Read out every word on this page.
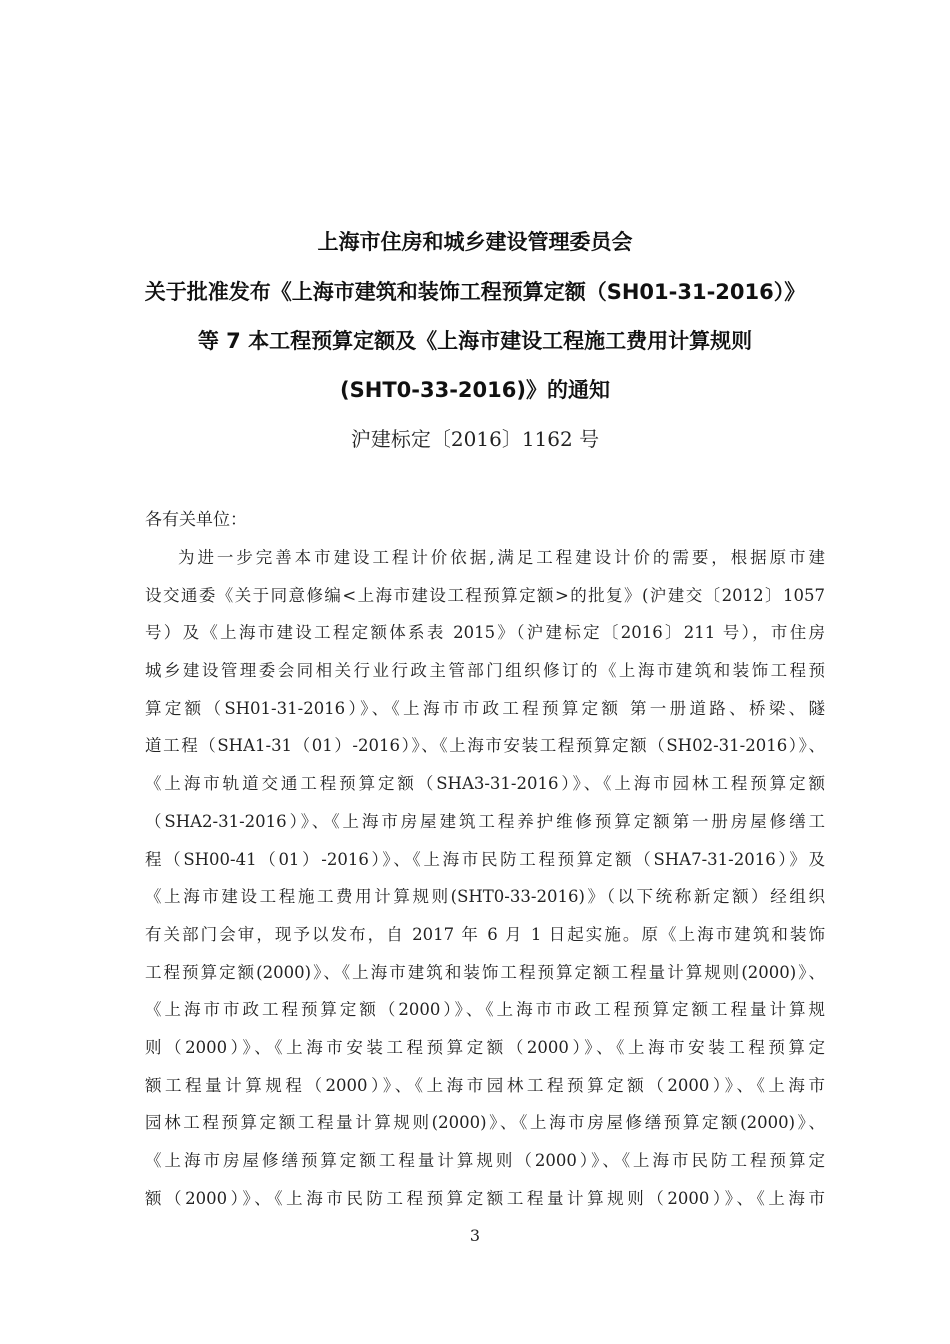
上海市住房和城乡建设管理委员会
关于批准发布《上海市建筑和装饰工程预算定额（SH01-31-2016）》
等 7 本工程预算定额及《上海市建设工程施工费用计算规则
(SHT0-33-2016)》的通知
沪建标定〔2016〕1162 号
各有关单位：
为进一步完善本市建设工程计价依据,满足工程建设计价的需要，根据原市建
设交通委《关于同意修编<上海市建设工程预算定额>的批复》(沪建交〔2012〕1057
号）及《上海市建设工程定额体系表 2015》（沪建标定〔2016〕211 号），市住房
城乡建设管理委会同相关行业行政主管部门组织修订的《上海市建筑和装饰工程预
算定额（SH01-31-2016）》、《上海市市政工程预算定额 第一册道路、桥梁、隧
道工程（SHA1-31（01）-2016）》、《上海市安装工程预算定额（SH02-31-2016）》、
《上海市轨道交通工程预算定额（SHA3-31-2016）》、《上海市园林工程预算定额
（SHA2-31-2016）》、《上海市房屋建筑工程养护维修预算定额第一册房屋修缮工
程（SH00-41（01）-2016）》、《上海市民防工程预算定额（SHA7-31-2016）》及
《上海市建设工程施工费用计算规则(SHT0-33-2016)》（以下统称新定额）经组织
有关部门会审，现予以发布，自 2017 年 6 月 1 日起实施。原《上海市建筑和装饰
工程预算定额(2000)》、《上海市建筑和装饰工程预算定额工程量计算规则(2000)》、
《上海市市政工程预算定额（2000）》、《上海市市政工程预算定额工程量计算规
则（2000）》、《上海市安装工程预算定额（2000）》、《上海市安装工程预算定
额工程量计算规程（2000）》、《上海市园林工程预算定额（2000）》、《上海市
园林工程预算定额工程量计算规则(2000)》、《上海市房屋修缮预算定额(2000)》、
《上海市房屋修缮预算定额工程量计算规则（2000）》、《上海市民防工程预算定
额（2000）》、《上海市民防工程预算定额工程量计算规则（2000）》、《上海市
3
